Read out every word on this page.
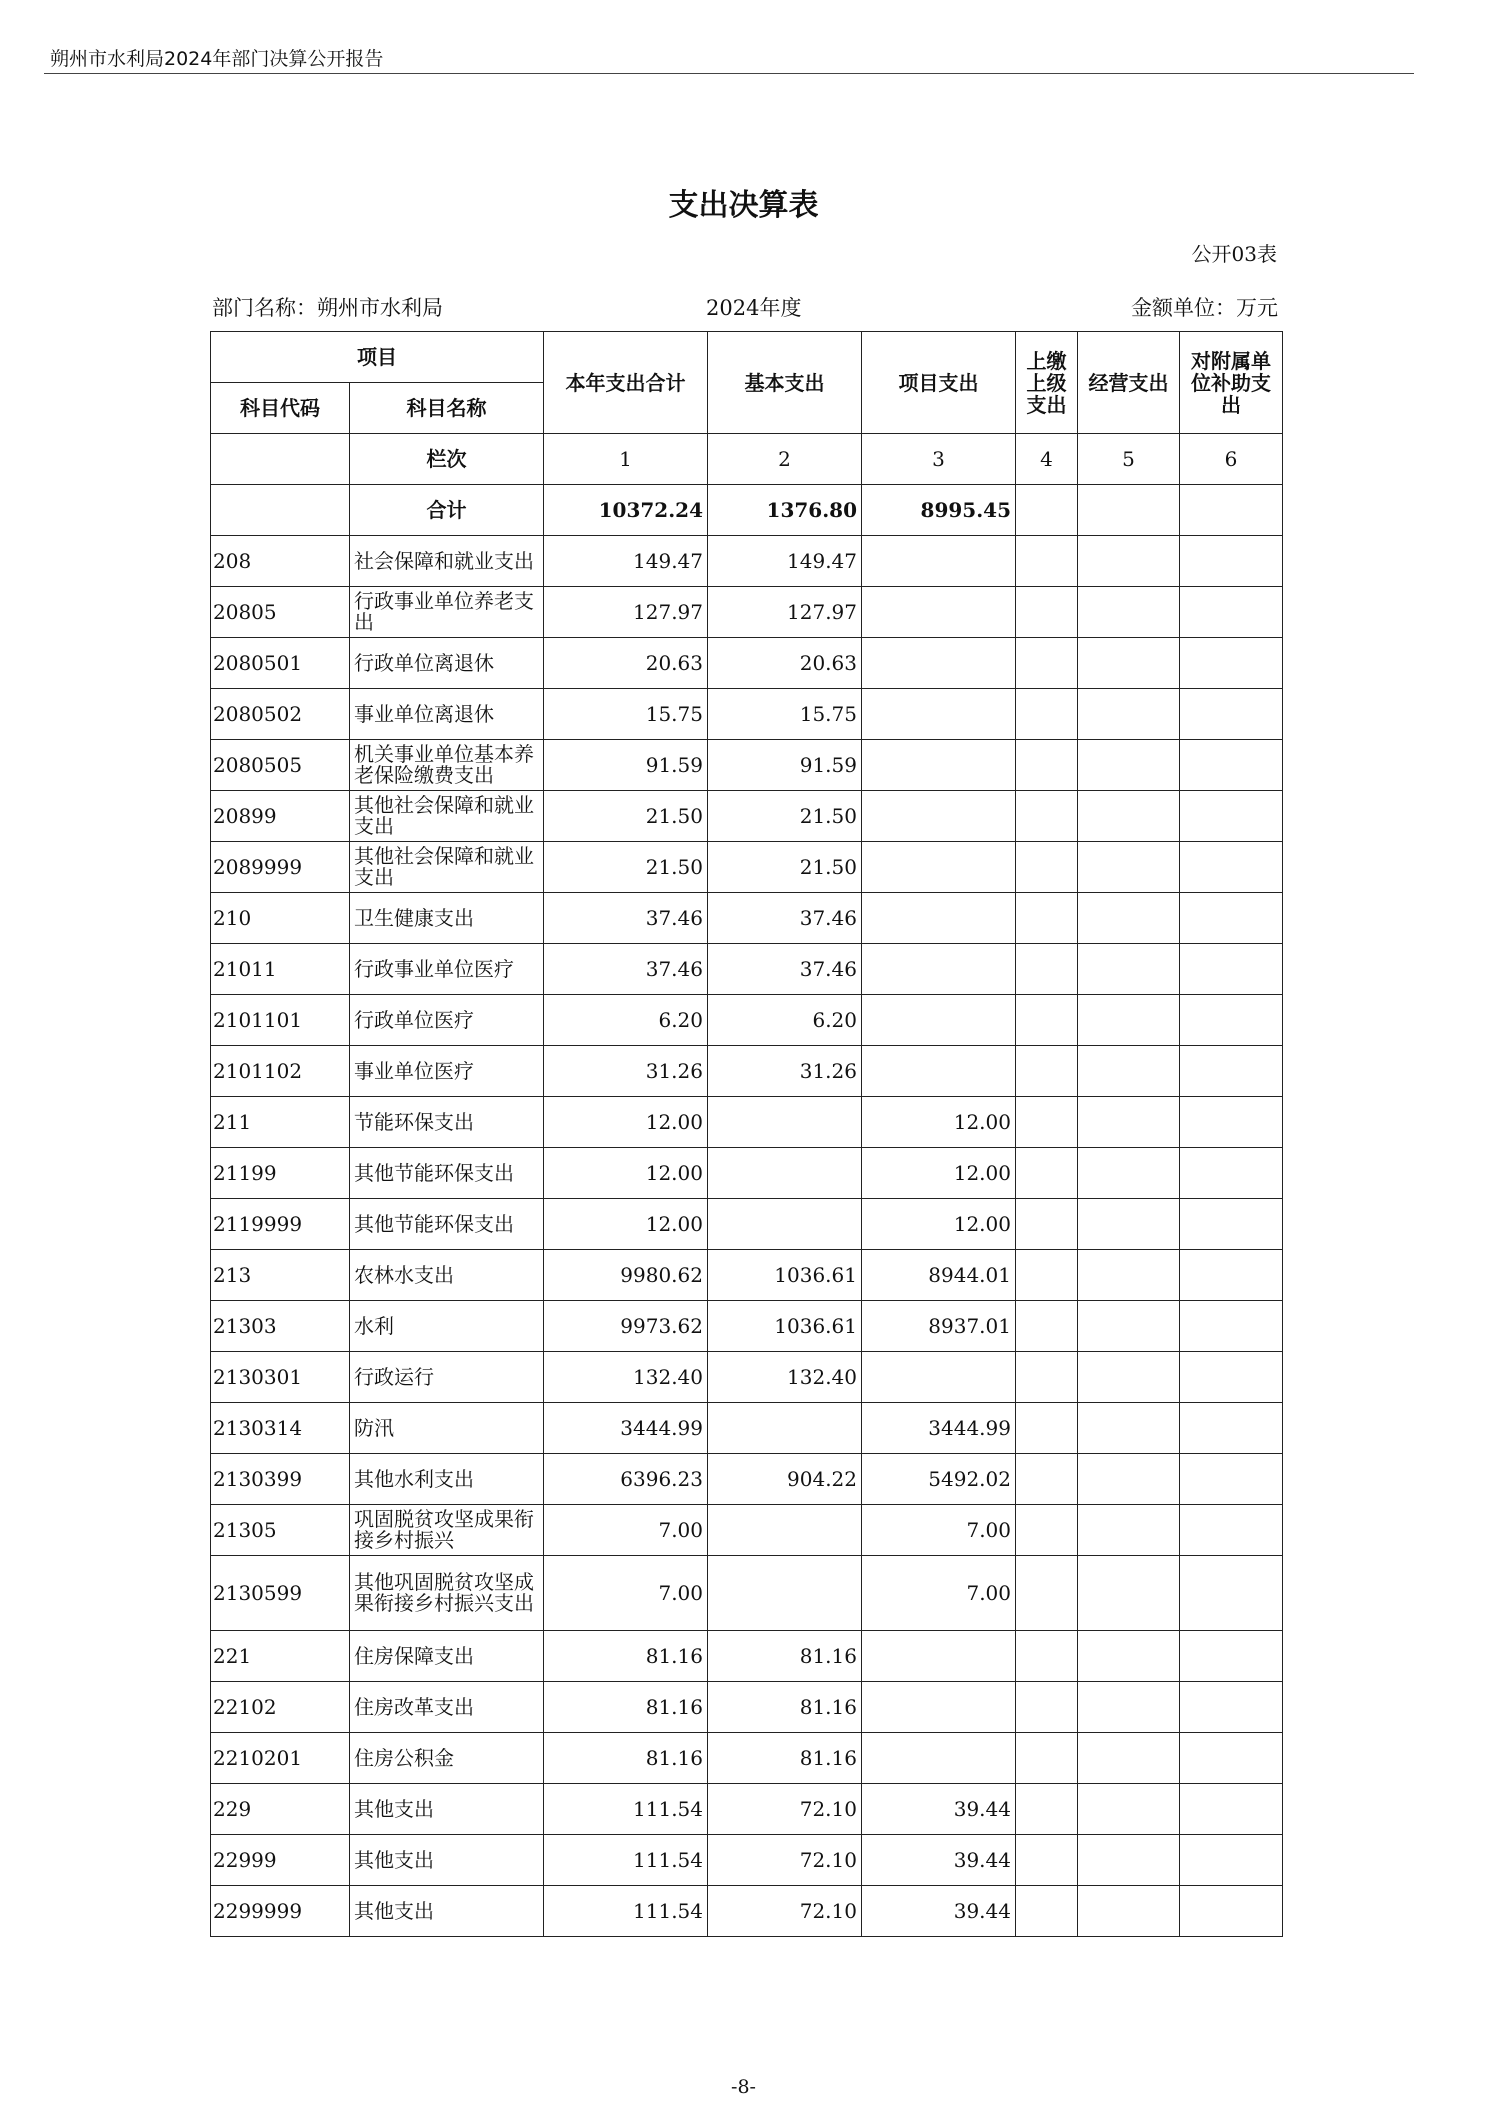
朔州市水利局2024年部门决算公开报告
支出决算表
公开03表
部门名称：朔州市水利局	2024年度	金额单位：万元
项目		本年支出合计	基本支出	项目支出	上缴上级支出	经营支出	对附属单位补助支出
科目代码	科目名称						
	栏次	1	2	3	4	5	6
	合计	10372.24	1376.80	8995.45			
208	社会保障和就业支出	149.47	149.47				
20805	行政事业单位养老支出	127.97	127.97				
2080501	行政单位离退休	20.63	20.63				
2080502	事业单位离退休	15.75	15.75				
2080505	机关事业单位基本养老保险缴费支出	91.59	91.59				
20899	其他社会保障和就业支出	21.50	21.50				
2089999	其他社会保障和就业支出	21.50	21.50				
210	卫生健康支出	37.46	37.46				
21011	行政事业单位医疗	37.46	37.46				
2101101	行政单位医疗	6.20	6.20				
2101102	事业单位医疗	31.26	31.26				
211	节能环保支出	12.00		12.00			
21199	其他节能环保支出	12.00		12.00			
2119999	其他节能环保支出	12.00		12.00			
213	农林水支出	9980.62	1036.61	8944.01			
21303	水利	9973.62	1036.61	8937.01			
2130301	行政运行	132.40	132.40				
2130314	防汛	3444.99		3444.99			
2130399	其他水利支出	6396.23	904.22	5492.02			
21305	巩固脱贫攻坚成果衔接乡村振兴	7.00		7.00			
2130599	其他巩固脱贫攻坚成果衔接乡村振兴支出	7.00		7.00			
221	住房保障支出	81.16	81.16				
22102	住房改革支出	81.16	81.16				
2210201	住房公积金	81.16	81.16				
229	其他支出	111.54	72.10	39.44			
22999	其他支出	111.54	72.10	39.44			
2299999	其他支出	111.54	72.10	39.44			
-8-
